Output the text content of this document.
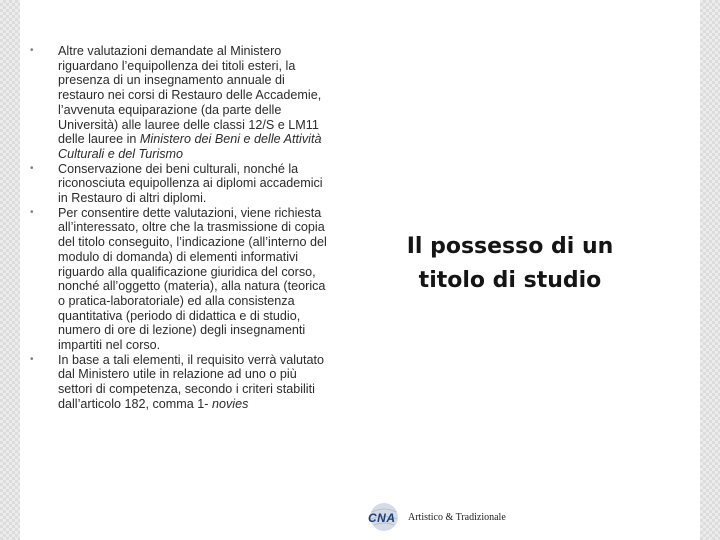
• Altre valutazioni demandate al Ministero riguardano l’equipollenza dei titoli esteri, la presenza di un insegnamento annuale di restauro nei corsi di Restauro delle Accademie, l’avvenuta equiparazione (da parte delle Università) alle lauree delle classi 12/S e LM11 delle lauree in Ministero dei Beni e delle Attività Culturali e del Turismo
• Conservazione dei beni culturali, nonché la riconosciuta equipollenza ai diplomi accademici in Restauro di altri diplomi.
• Per consentire dette valutazioni, viene richiesta all’interessato, oltre che la trasmissione di copia del titolo conseguito, l’indicazione (all’interno del modulo di domanda) di elementi informativi riguardo alla qualificazione giuridica del corso, nonché all’oggetto (materia), alla natura (teorica o pratica-laboratoriale) ed alla consistenza quantitativa (periodo di didattica e di studio, numero di ore di lezione) degli insegnamenti impartiti nel corso.
• In base a tali elementi, il requisito verrà valutato dal Ministero utile in relazione ad uno o più settori di competenza, secondo i criteri stabiliti dall’articolo 182, comma 1- novies
Il possesso di un
titolo di studio
CNA Artistico & Tradizionale
